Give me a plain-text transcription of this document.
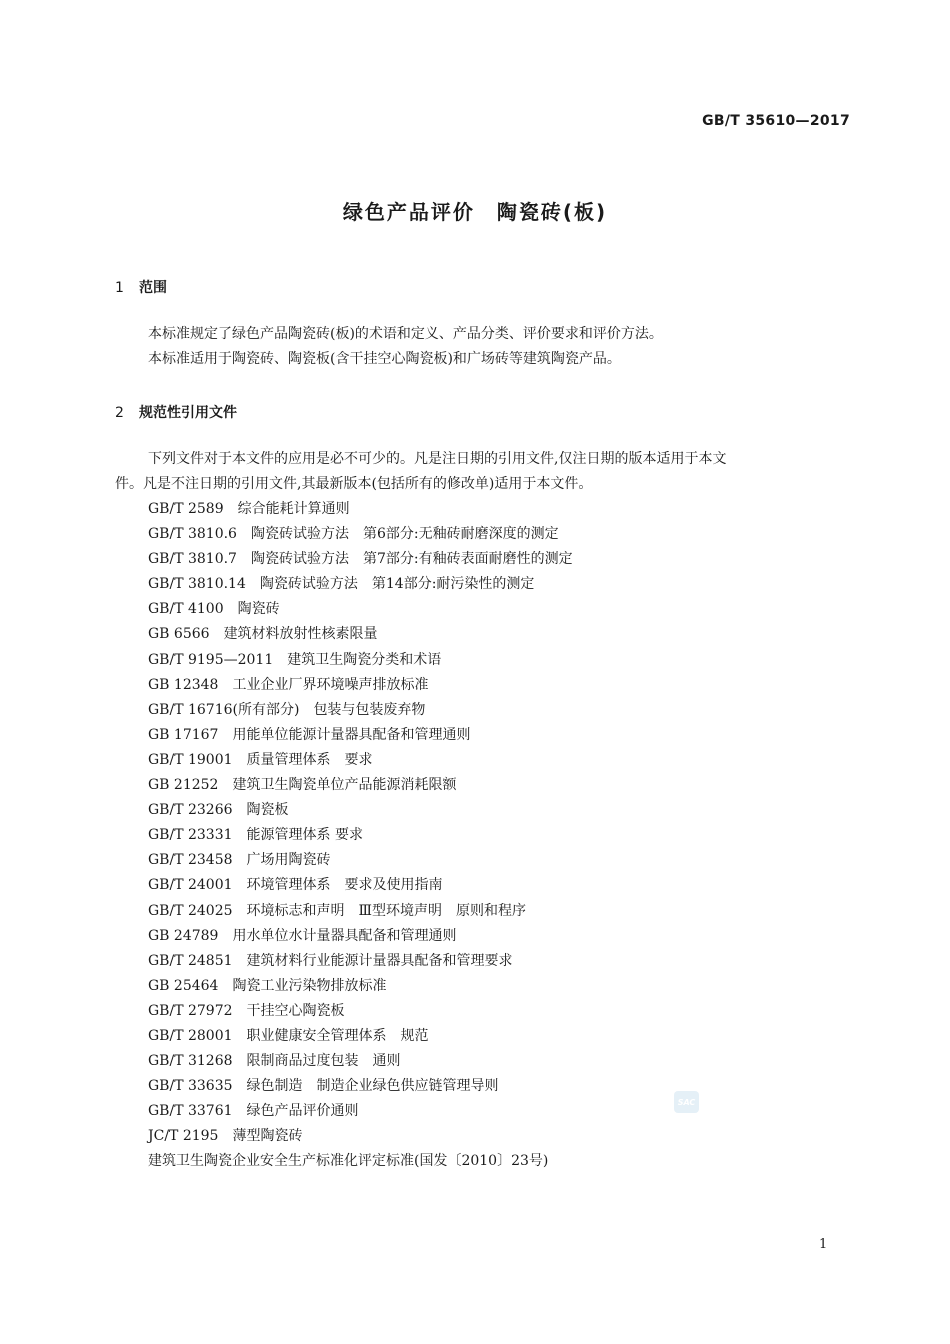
GB/T 35610—2017
绿色产品评价　陶瓷砖(板)
1 范围
本标准规定了绿色产品陶瓷砖(板)的术语和定义、产品分类、评价要求和评价方法。
本标准适用于陶瓷砖、陶瓷板(含干挂空心陶瓷板)和广场砖等建筑陶瓷产品。
2 规范性引用文件
下列文件对于本文件的应用是必不可少的。凡是注日期的引用文件,仅注日期的版本适用于本文
件。凡是不注日期的引用文件,其最新版本(包括所有的修改单)适用于本文件。
GB/T 2589 综合能耗计算通则
GB/T 3810.6 陶瓷砖试验方法　第6部分:无釉砖耐磨深度的测定
GB/T 3810.7 陶瓷砖试验方法　第7部分:有釉砖表面耐磨性的测定
GB/T 3810.14 陶瓷砖试验方法　第14部分:耐污染性的测定
GB/T 4100 陶瓷砖
GB 6566 建筑材料放射性核素限量
GB/T 9195—2011 建筑卫生陶瓷分类和术语
GB 12348 工业企业厂界环境噪声排放标准
GB/T 16716(所有部分) 包装与包装废弃物
GB 17167 用能单位能源计量器具配备和管理通则
GB/T 19001 质量管理体系　要求
GB 21252 建筑卫生陶瓷单位产品能源消耗限额
GB/T 23266 陶瓷板
GB/T 23331 能源管理体系 要求
GB/T 23458 广场用陶瓷砖
GB/T 24001 环境管理体系　要求及使用指南
GB/T 24025 环境标志和声明　Ⅲ型环境声明　原则和程序
GB 24789 用水单位水计量器具配备和管理通则
GB/T 24851 建筑材料行业能源计量器具配备和管理要求
GB 25464 陶瓷工业污染物排放标准
GB/T 27972 干挂空心陶瓷板
GB/T 28001 职业健康安全管理体系　规范
GB/T 31268 限制商品过度包装　通则
GB/T 33635 绿色制造　制造企业绿色供应链管理导则
GB/T 33761 绿色产品评价通则
JC/T 2195 薄型陶瓷砖
建筑卫生陶瓷企业安全生产标准化评定标准(国发〔2010〕23号)
SAC
1
